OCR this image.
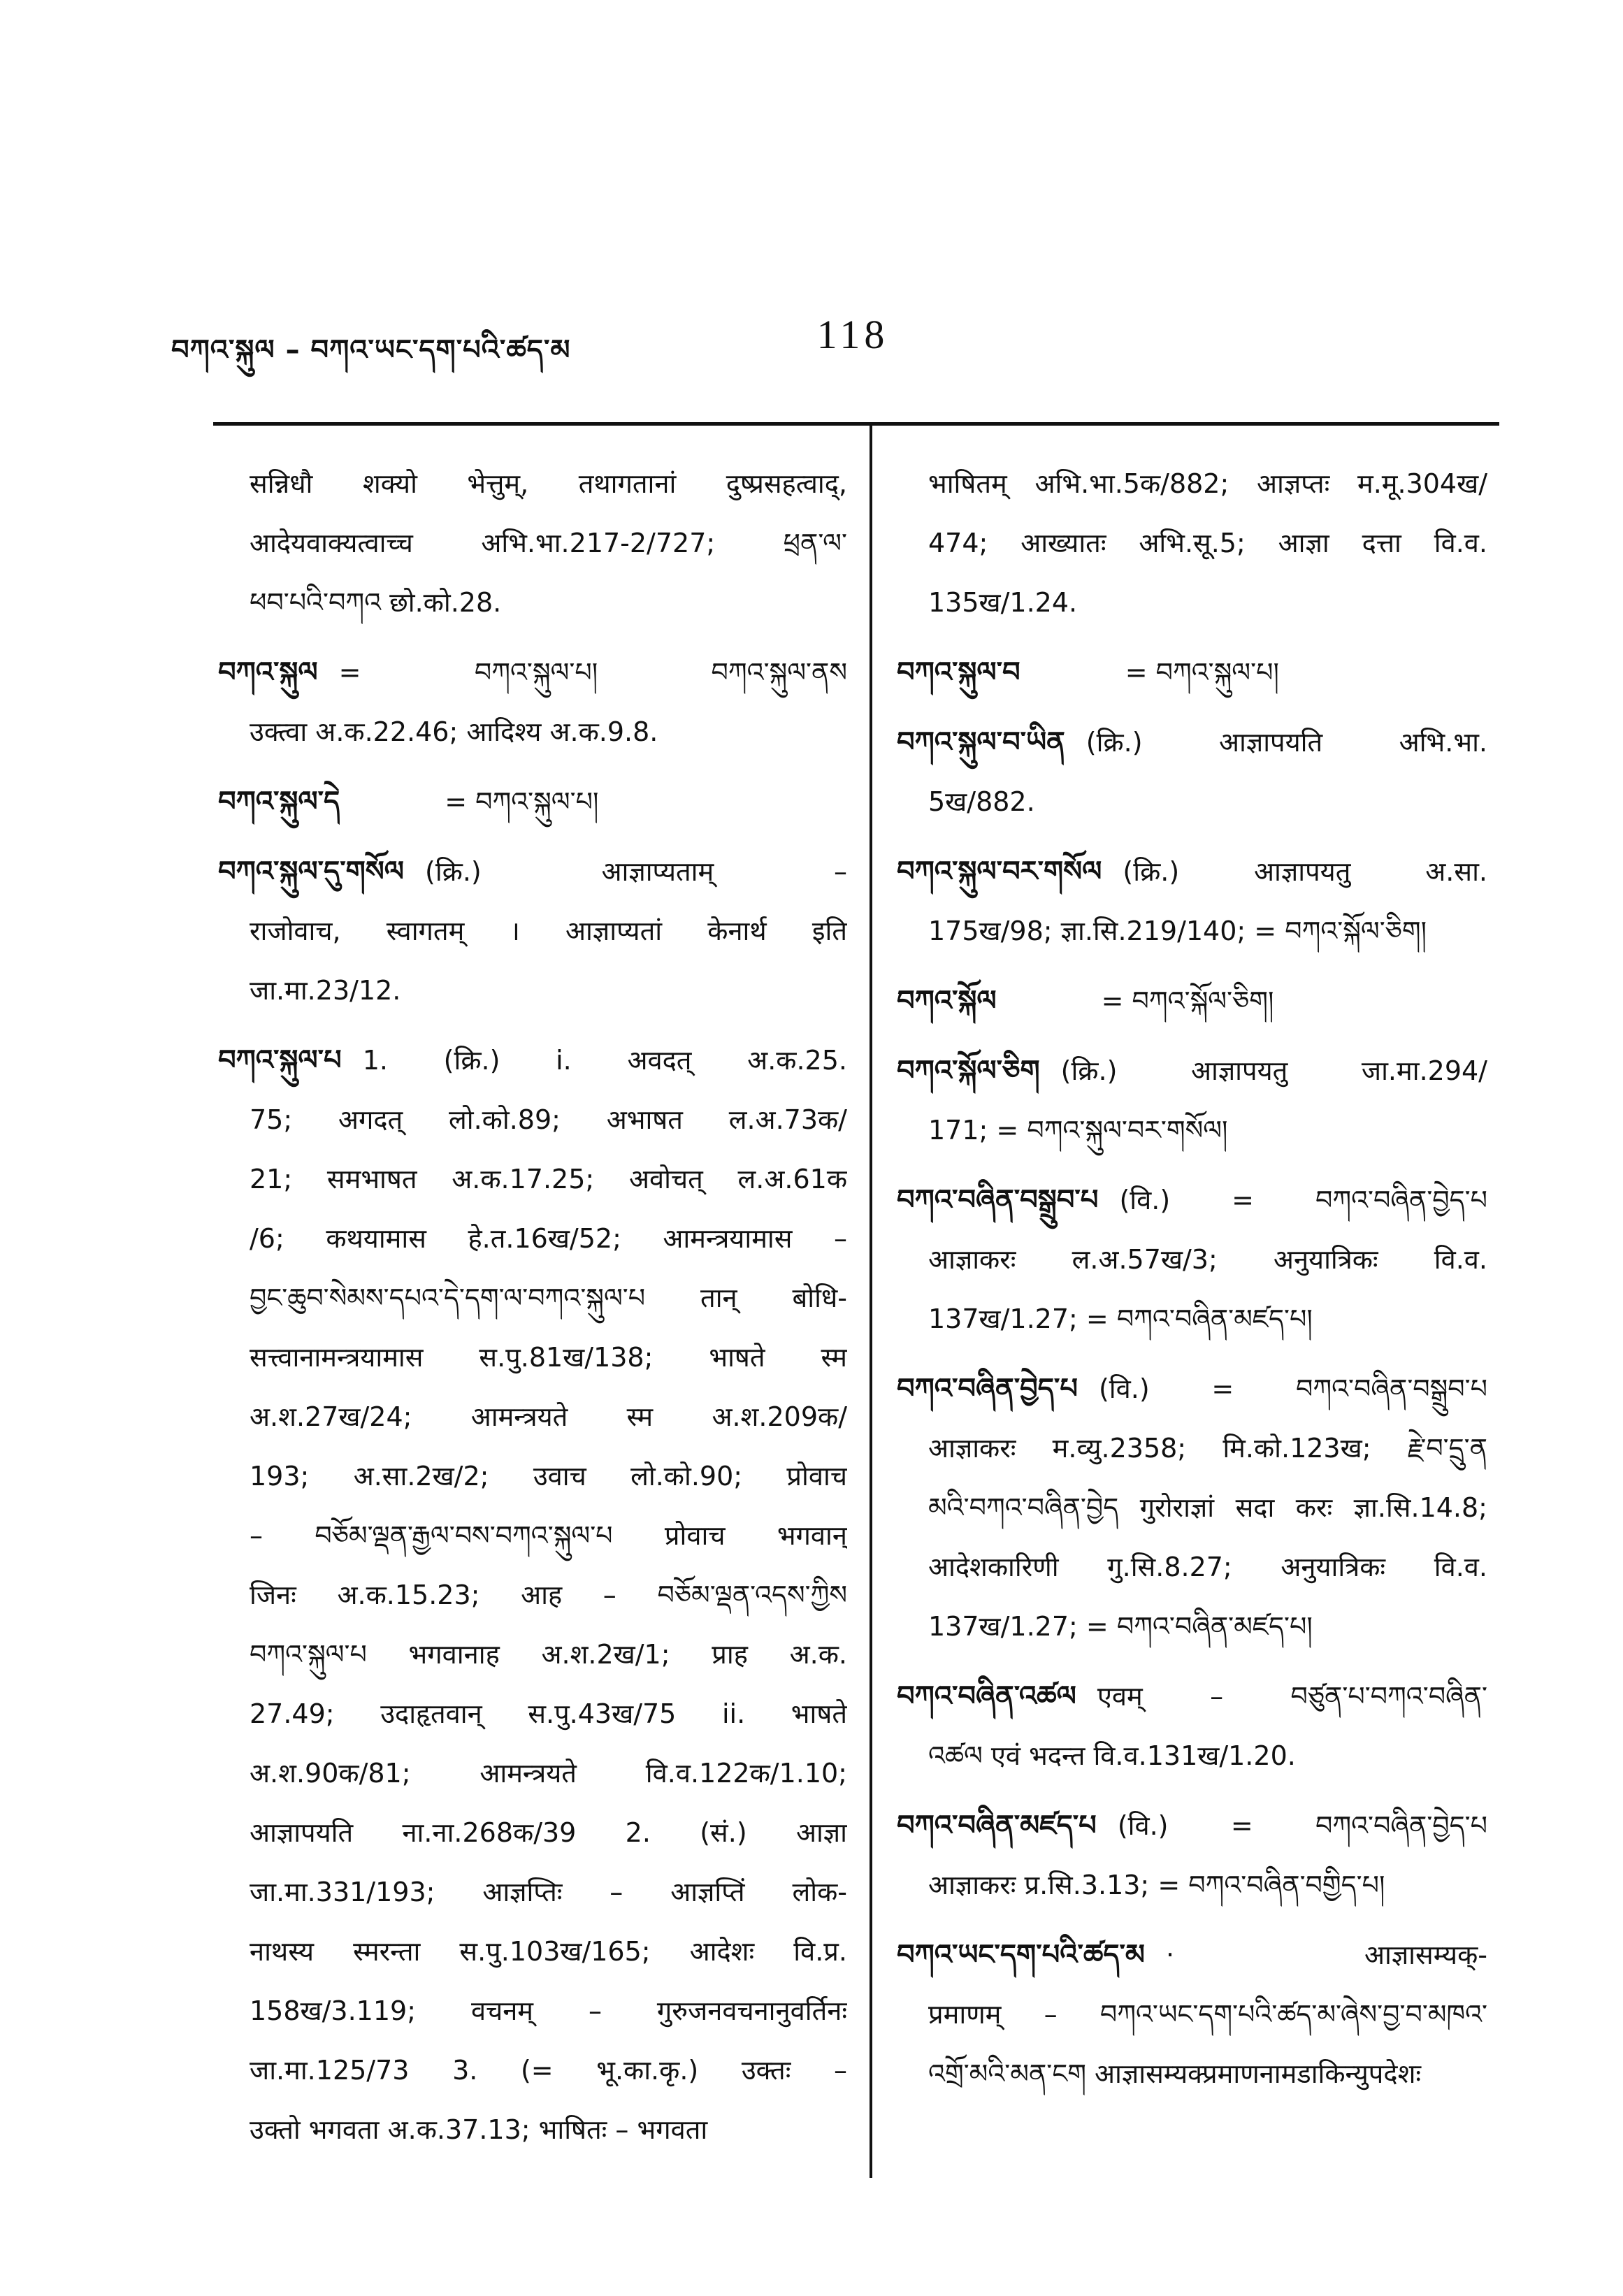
བཀའ་སྐུལ – བཀའ་ཡང་དག་པའི་ཚད་མ	118
सन्निधौ शक्यो भेत्तुम्, तथागतानां दुष्प्रसहत्वाद्,
आदेयवाक्यत्वाच्च अभि.भा.217-2/727; ཕྲན་ལ་
ཕབ་པའི་བཀའ छो.को.28.
བཀའ་སྐུལ = བཀའ་སྐུལ་པ། བཀའ་སྐུལ་ནས
उक्त्वा अ.क.22.46; आदिश्य अ.क.9.8.
བཀའ་སྐུལ་དེ	= བཀའ་སྐུལ་པ།
བཀའ་སྐུལ་དུ་གསོལ (क्रि.) आज्ञाप्यताम् –
राजोवाच, स्वागतम् । आज्ञाप्यतां केनार्थ इति
जा.मा.23/12.
བཀའ་སྐུལ་པ 1. (क्रि.) i. अवदत् अ.क.25.
75; अगदत् लो.को.89; अभाषत ल.अ.73क/
21; समभाषत अ.क.17.25; अवोचत् ल.अ.61क
/6; कथयामास हे.त.16ख/52; आमन्त्रयामास –
བྱང་ཆུབ་སེམས་དཔའ་དེ་དག་ལ་བཀའ་སྐུལ་པ तान् बोधि-
सत्त्वानामन्त्रयामास स.पु.81ख/138; भाषते स्म
अ.श.27ख/24; आमन्त्रयते स्म अ.श.209क/
193; अ.सा.2ख/2; उवाच लो.को.90; प्रोवाच
– བཅོམ་ལྡན་རྒྱལ་བས་བཀའ་སྐུལ་པ प्रोवाच भगवान्
जिनः अ.क.15.23; आह – བཅོམ་ལྡན་འདས་ཀྱིས
བཀའ་སྐུལ་པ भगवानाह अ.श.2ख/1; प्राह अ.क.
27.49; उदाहृतवान् स.पु.43ख/75 ii. भाषते
अ.श.90क/81; आमन्त्रयते वि.व.122क/1.10;
आज्ञापयति ना.ना.268क/39 2. (सं.) आज्ञा
जा.मा.331/193; आज्ञप्तिः – आज्ञप्तिं लोक-
नाथस्य स्मरन्ता स.पु.103ख/165; आदेशः वि.प्र.
158ख/3.119; वचनम् – गुरुजनवचनानुवर्तिनः
जा.मा.125/73 3. (= भू.का.कृ.) उक्तः –
उक्तो भगवता अ.क.37.13; भाषितः – भगवता
भाषितम् अभि.भा.5क/882; आज्ञप्तः म.मू.304ख/
474; आख्यातः अभि.सू.5; आज्ञा दत्ता वि.व.
135ख/1.24.
བཀའ་སྐུལ་བ	= བཀའ་སྐུལ་པ།
བཀའ་སྐུལ་བ་ཡིན (क्रि.) आज्ञापयति अभि.भा.
5ख/882.
བཀའ་སྐུལ་བར་གསོལ (क्रि.) आज्ञापयतु अ.सा.
175ख/98; ज्ञा.सि.219/140; = བཀའ་སྐོལ་ཅིག།
བཀའ་སྐོལ	= བཀའ་སྐོལ་ཅིག།
བཀའ་སྐོལ་ཅིག (क्रि.) आज्ञापयतु जा.मा.294/
171; = བཀའ་སྐུལ་བར་གསོལ།
བཀའ་བཞིན་བསྒྲུབ་པ (वि.) = བཀའ་བཞིན་བྱེད་པ
आज्ञाकरः ल.अ.57ख/3; अनुयात्रिकः वि.व.
137ख/1.27; = བཀའ་བཞིན་མཛད་པ།
བཀའ་བཞིན་བྱེད་པ (वि.) = བཀའ་བཞིན་བསྒྲུབ་པ
आज्ञाकरः म.व्यु.2358; मि.को.123ख; རྗེ་བ་དྲུ་ན
མའི་བཀའ་བཞིན་བྱེད गुरोराज्ञां सदा करः ज्ञा.सि.14.8;
आदेशकारिणी गु.सि.8.27; अनुयात्रिकः वि.व.
137ख/1.27; = བཀའ་བཞིན་མཛད་པ།
བཀའ་བཞིན་འཚལ एवम् – བཙུན་པ་བཀའ་བཞིན་
འཚལ एवं भदन्त वि.व.131ख/1.20.
བཀའ་བཞིན་མཛད་པ (वि.) = བཀའ་བཞིན་བྱེད་པ
आज्ञाकरः प्र.सि.3.13; = བཀའ་བཞིན་བགྱིད་པ།
བཀའ་ཡང་དག་པའི་ཚད་མ · आज्ञासम्यक्-
प्रमाणम् – བཀའ་ཡང་དག་པའི་ཚད་མ་ཞེས་བྱ་བ་མཁའ་
འགྲོ་མའི་མན་ངག आज्ञासम्यक्प्रमाणनामडाकिन्युपदेशः
